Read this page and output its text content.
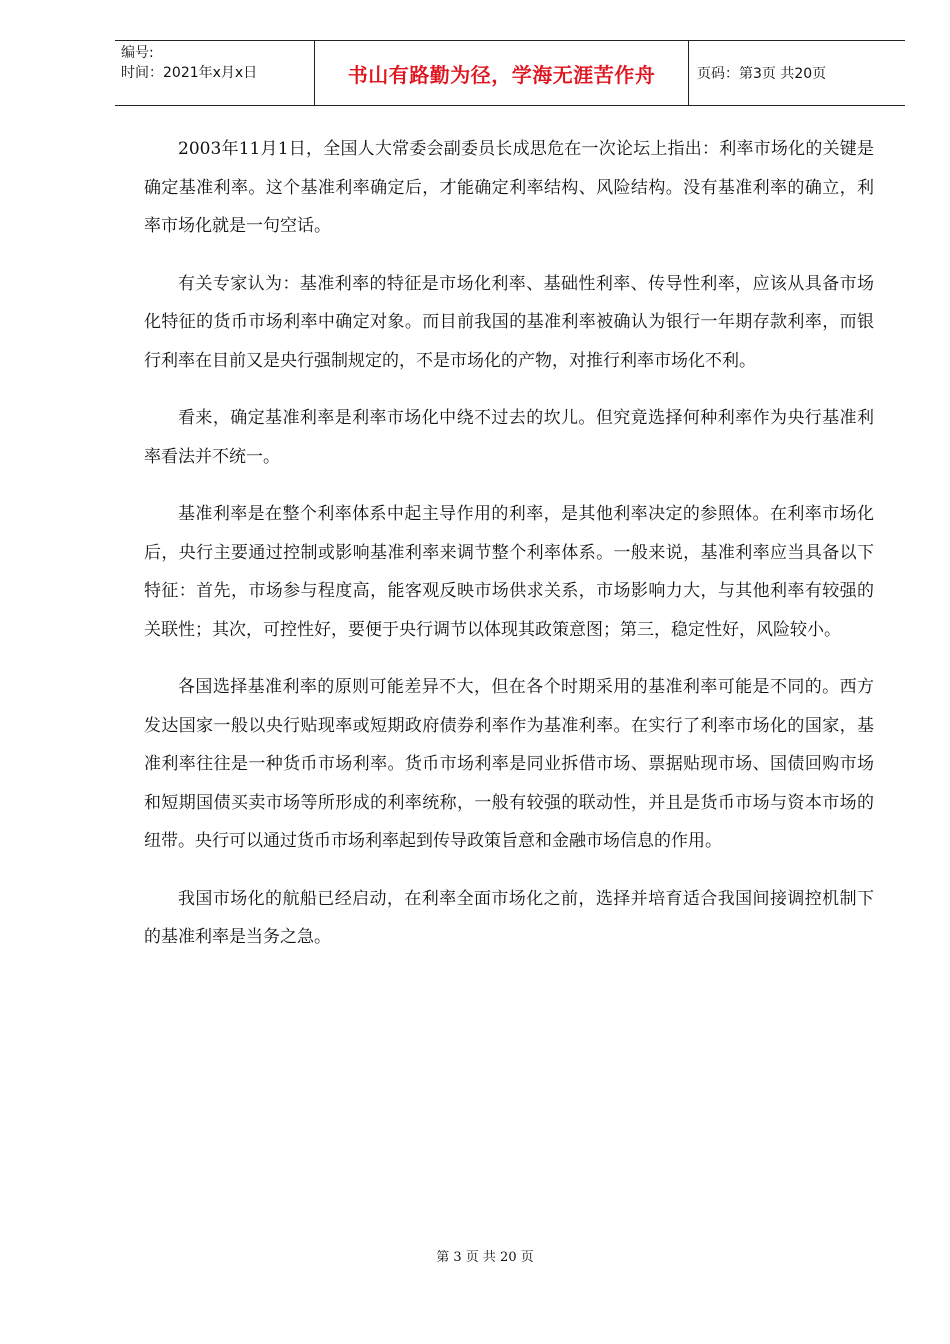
编号:
时间：2021年x月x日	书山有路勤为径，学海无涯苦作舟	页码：第3页 共20页

2003年11月1日，全国人大常委会副委员长成思危在一次论坛上指出：利率市场化的关键是确定基准利率。这个基准利率确定后，才能确定利率结构、风险结构。没有基准利率的确立，利率市场化就是一句空话。

有关专家认为：基准利率的特征是市场化利率、基础性利率、传导性利率，应该从具备市场化特征的货币市场利率中确定对象。而目前我国的基准利率被确认为银行一年期存款利率，而银行利率在目前又是央行强制规定的，不是市场化的产物，对推行利率市场化不利。

看来，确定基准利率是利率市场化中绕不过去的坎儿。但究竟选择何种利率作为央行基准利率看法并不统一。

基准利率是在整个利率体系中起主导作用的利率，是其他利率决定的参照体。在利率市场化后，央行主要通过控制或影响基准利率来调节整个利率体系。一般来说，基准利率应当具备以下特征：首先，市场参与程度高，能客观反映市场供求关系，市场影响力大，与其他利率有较强的关联性；其次，可控性好，要便于央行调节以体现其政策意图；第三，稳定性好，风险较小。

各国选择基准利率的原则可能差异不大，但在各个时期采用的基准利率可能是不同的。西方发达国家一般以央行贴现率或短期政府债券利率作为基准利率。在实行了利率市场化的国家，基准利率往往是一种货币市场利率。货币市场利率是同业拆借市场、票据贴现市场、国债回购市场和短期国债买卖市场等所形成的利率统称，一般有较强的联动性，并且是货币市场与资本市场的纽带。央行可以通过货币市场利率起到传导政策旨意和金融市场信息的作用。

我国市场化的航船已经启动，在利率全面市场化之前，选择并培育适合我国间接调控机制下的基准利率是当务之急。

第 3 页 共 20 页
